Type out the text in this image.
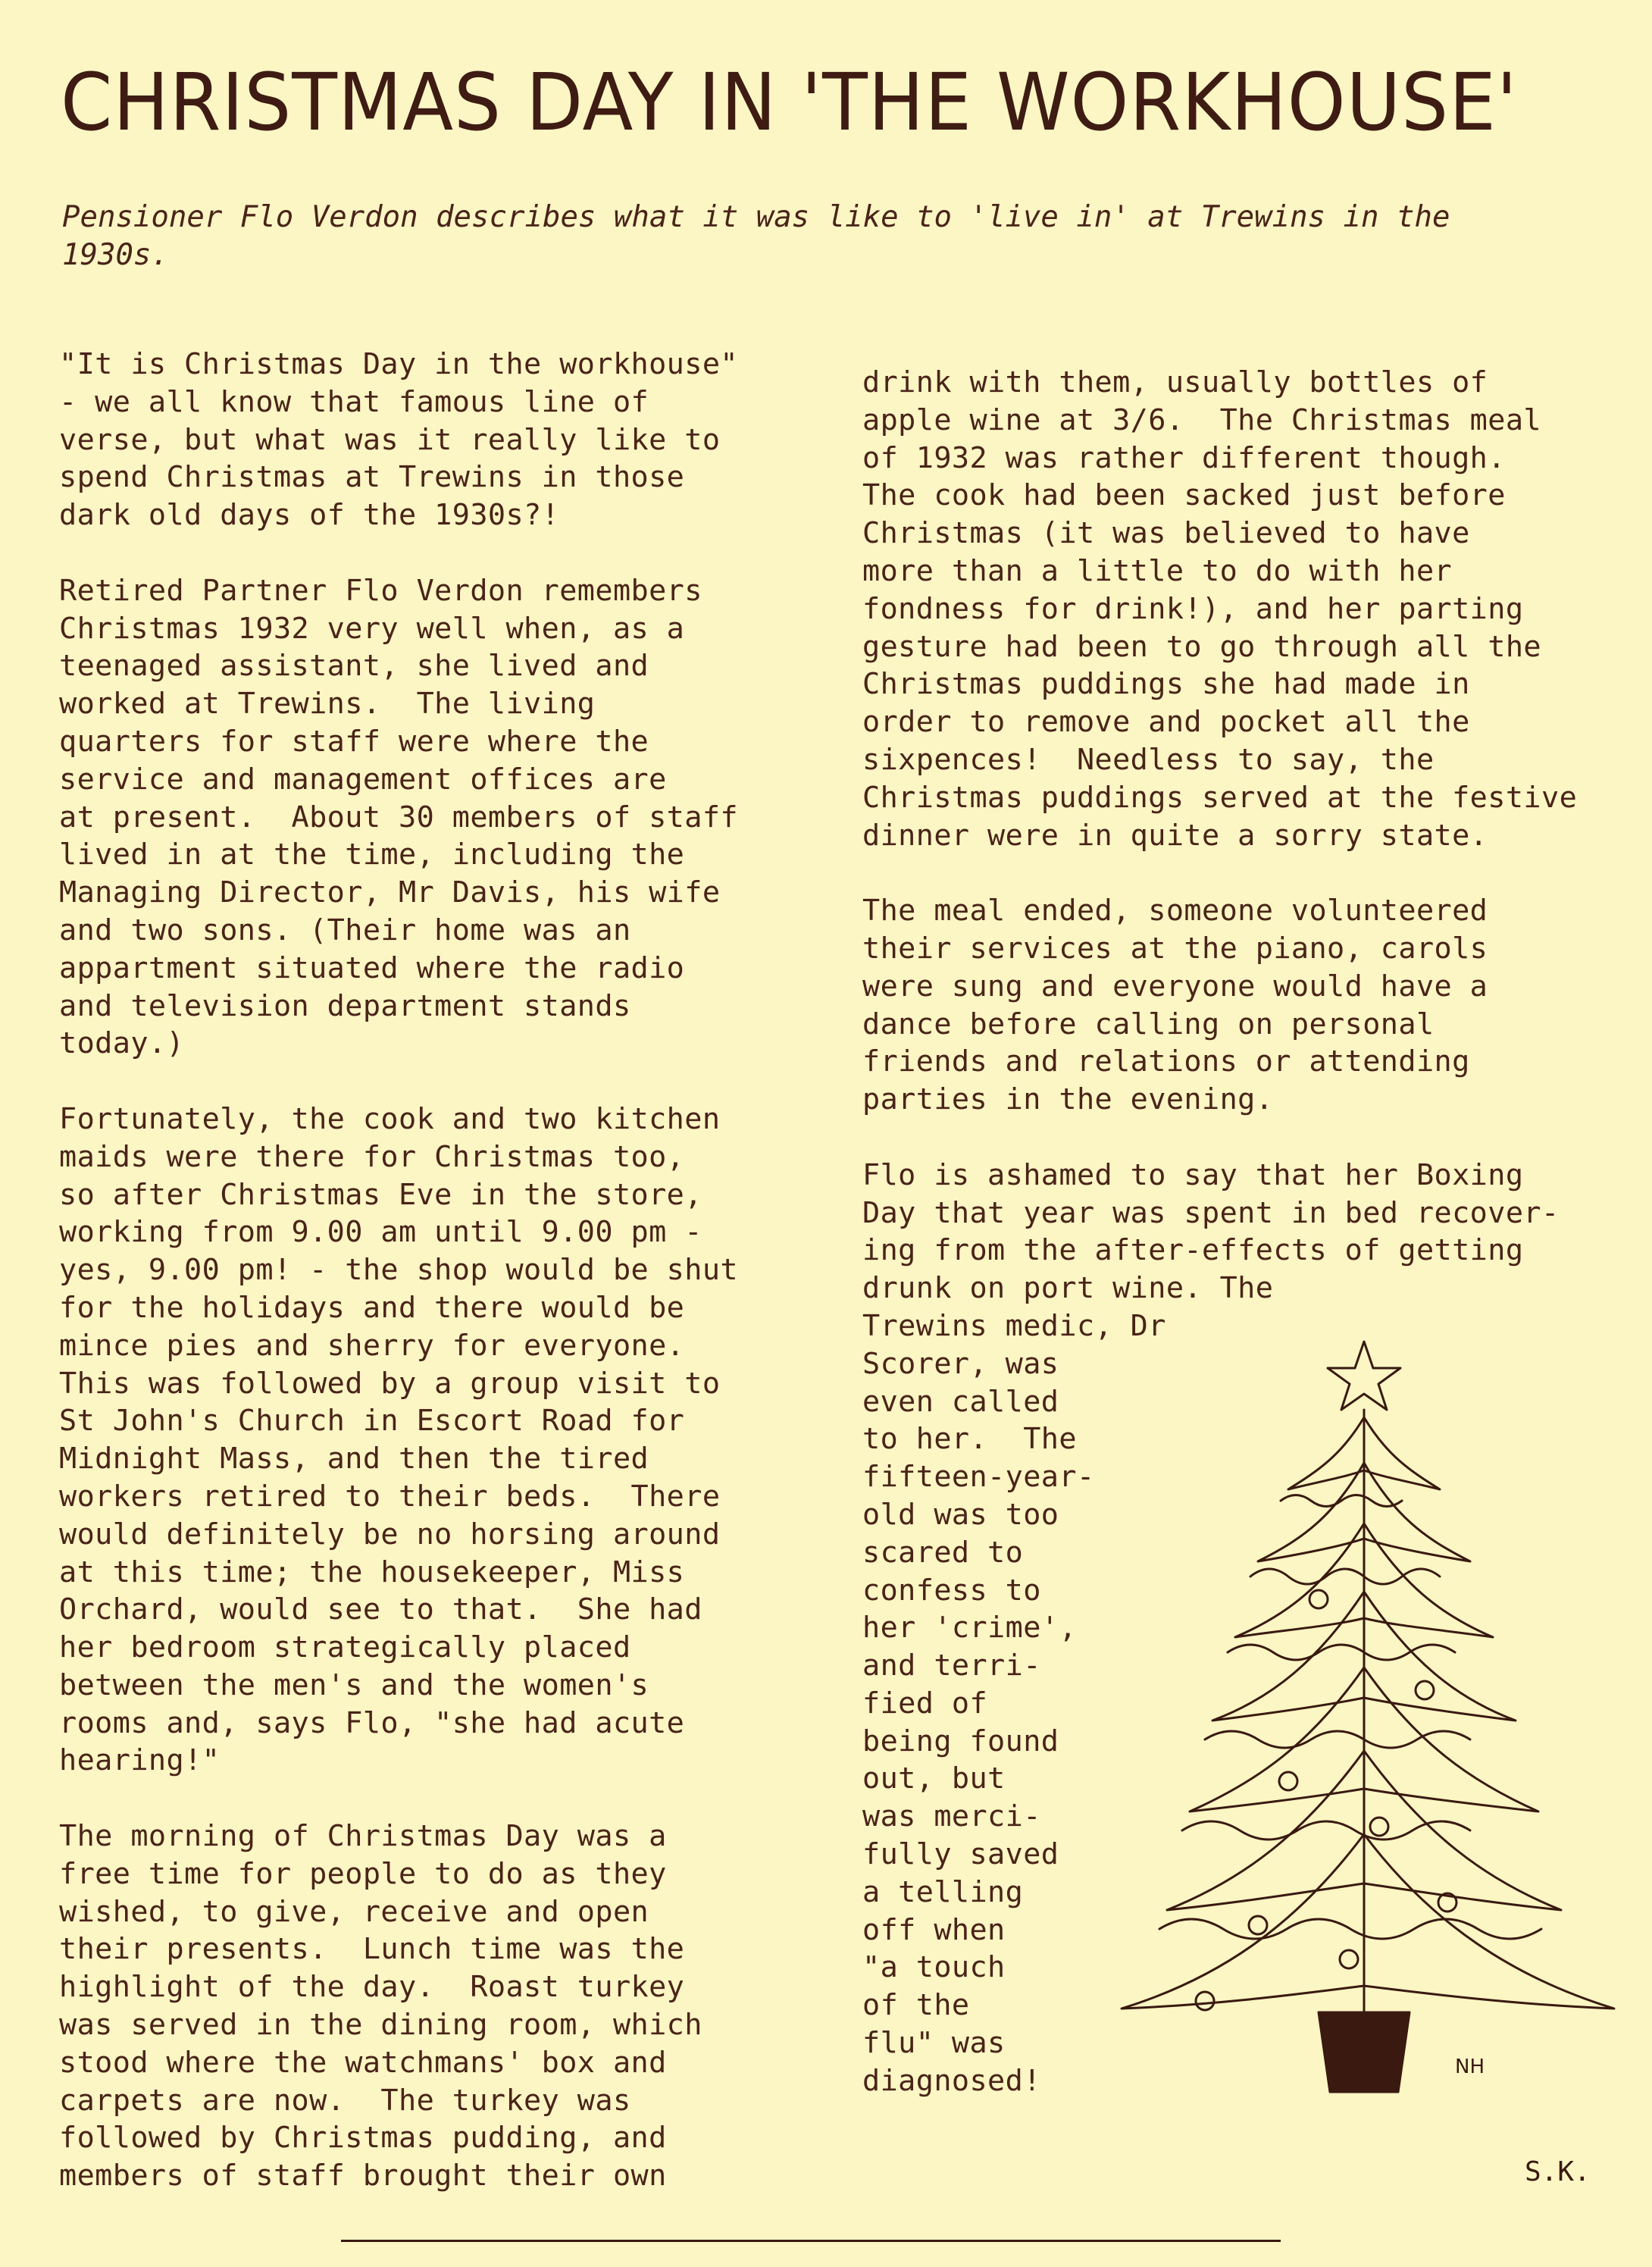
CHRISTMAS DAY IN 'THE WORKHOUSE'
Pensioner Flo Verdon describes what it was like to 'live in' at Trewins in the
1930s.

"It is Christmas Day in the workhouse"
- we all know that famous line of
verse, but what was it really like to
spend Christmas at Trewins in those
dark old days of the 1930s?!

Retired Partner Flo Verdon remembers
Christmas 1932 very well when, as a
teenaged assistant, she lived and
worked at Trewins.  The living
quarters for staff were where the
service and management offices are
at present.  About 30 members of staff
lived in at the time, including the
Managing Director, Mr Davis, his wife
and two sons. (Their home was an
appartment situated where the radio
and television department stands
today.)

Fortunately, the cook and two kitchen
maids were there for Christmas too,
so after Christmas Eve in the store,
working from 9.00 am until 9.00 pm -
yes, 9.00 pm! - the shop would be shut
for the holidays and there would be
mince pies and sherry for everyone.
This was followed by a group visit to
St John's Church in Escort Road for
Midnight Mass, and then the tired
workers retired to their beds.  There
would definitely be no horsing around
at this time; the housekeeper, Miss
Orchard, would see to that.  She had
her bedroom strategically placed
between the men's and the women's
rooms and, says Flo, "she had acute
hearing!"

The morning of Christmas Day was a
free time for people to do as they
wished, to give, receive and open
their presents.  Lunch time was the
highlight of the day.  Roast turkey
was served in the dining room, which
stood where the watchmans' box and
carpets are now.  The turkey was
followed by Christmas pudding, and
members of staff brought their own

drink with them, usually bottles of
apple wine at 3/6.  The Christmas meal
of 1932 was rather different though.
The cook had been sacked just before
Christmas (it was believed to have
more than a little to do with her
fondness for drink!), and her parting
gesture had been to go through all the
Christmas puddings she had made in
order to remove and pocket all the
sixpences!  Needless to say, the
Christmas puddings served at the festive
dinner were in quite a sorry state.

The meal ended, someone volunteered
their services at the piano, carols
were sung and everyone would have a
dance before calling on personal
friends and relations or attending
parties in the evening.

Flo is ashamed to say that her Boxing
Day that year was spent in bed recover-
ing from the after-effects of getting
drunk on port wine. The
Trewins medic, Dr
Scorer, was
even called
to her.  The
fifteen-year-
old was too
scared to
confess to
her 'crime',
and terri-
fied of
being found
out, but
was merci-
fully saved
a telling
off when
"a touch
of the
flu" was
diagnosed!	NH
S.K.
